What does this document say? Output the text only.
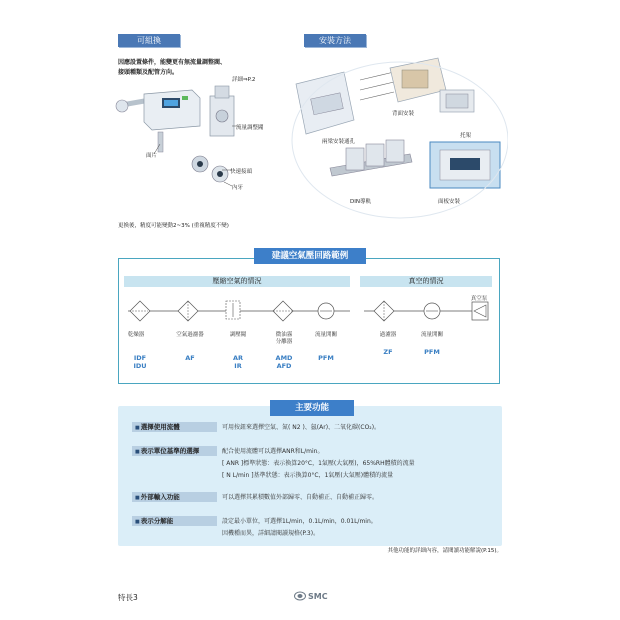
可組換
因應設置條件，能變更有無流量調整閥、
接頭種類及配管方向。
詳細⇒P.2
流量調整閥
面片
快速接頭
內牙
更換後，精度可能變動2~3% (重複精度不變)
安裝方法
背面安裝
托架
兩梁安裝通孔
DIN導軌	面板安裝
建議空氣壓回路範例
壓縮空氣的情況	真空的情況
乾燥器	空氣過濾器	調壓閥	微油霧
分離器
流量開關
IDF
IDU
AF	AR
IR
AMD
AFD
PFM
真空泵
過濾器	流量開關
ZF	PFM
主要功能
■ 選擇使用流體	可用按鈕來選擇空氣、氮( N2 )、氬(Ar)、二氧化碳(CO₂)。
■ 表示單位基準的選擇	配合使用流體可以選擇ANR和L/min。
[ ANR ]標準狀態：表示換算20°C，1氣壓(大氣壓)，65%RH體積的流量
[ N L/min ]基準狀態：表示換算0°C，1氣壓(大氣壓)體積的流量
■ 外部輸入功能	可以選擇其累積數值外部歸零、自動補正、自動補正歸零。
■ 表示分解能	設定最小單位，可選擇1L/min，0.1L/min，0.01L/min。
因機種而異，詳細請閱讀規格(P.3)。
其他功能的詳細內容，請閱讀功能解說(P.15)。
特長3	SMC
